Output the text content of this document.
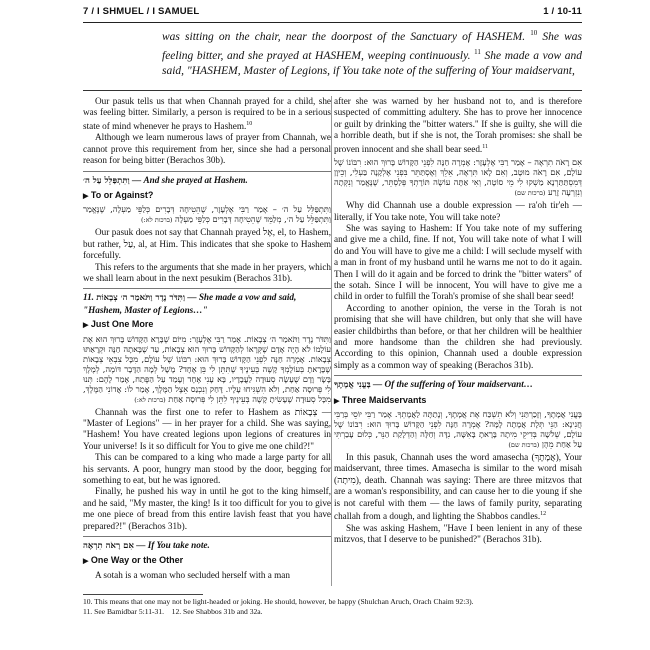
7 / I SHMUEL / I SAMUEL	1 / 10-11
was sitting on the chair, near the doorpost of the Sanctuary of HASHEM. $^{10}$ She was feeling bitter, and she prayed at HASHEM, weeping continuously. $^{11}$ She made a vow and said, "HASHEM, Master of Legions, if You take note of the suffering of Your maidservant,

Our pasuk tells us that when Channah prayed for a child, she was feeling bitter. Similarly, a person is required to be in a serious state of mind whenever he prays to Hashem.$^{10}$

Although we learn numerous laws of prayer from Channah, we cannot prove this requirement from her, since she had a personal reason for being bitter (Berachos 30b).

וַתִּתְפַּלֵּל עַל ה׳ — And she prayed at Hashem.
▶ To or Against?

וַתִּתְפַּלֵּל עַל ה׳ – אָמַר רַבִּי אֶלְעָזָר, שֶׁהֵטִיחָה דְּבָרִים כְּלַפֵּי מַעְלָה, שֶׁנֶּאֱמַר וַתִּתְפַּלֵּל עַל ה׳, מְלַמֵּד שֶׁהֵטִיחָה דְּבָרִים כְּלַפֵּי מַעְלָה (ברכות לא:)

Our pasuk does not say that Channah prayed אֶל, el, to Hashem, but rather, עַל, al, at Him. This indicates that she spoke to Hashem forcefully.

This refers to the arguments that she made in her prayers, which we shall learn about in the next pesukim (Berachos 31b).

11. וַתִּדֹּר נֶדֶר וַתֹּאמַר ה׳ צְבָאוֹת — She made a vow and said, "Hashem, Master of Legions…"
▶ Just One More

וַתִּדֹּר נֶדֶר וַתֹּאמַר ה׳ צְבָאוֹת. אָמַר רַבִּי אֶלְעָזָר: מִיּוֹם שֶׁבָּרָא הַקָּדוֹשׁ בָּרוּךְ הוּא אֶת עוֹלָמוֹ לֹא הָיָה אָדָם שֶׁקְּרָאוֹ לְהַקָּדוֹשׁ בָּרוּךְ הוּא צְבָאוֹת, עַד שֶׁבָּאתָה חַנָּה וּקְרָאַתּוּ צְבָאוֹת. אָמְרָה חַנָּה לִפְנֵי הַקָּדוֹשׁ בָּרוּךְ הוּא: רִבּוֹנוֹ שֶׁל עוֹלָם, מִכָּל צִבְאֵי צְבָאוֹת שֶׁבָּרָאתָ בְּעוֹלָמְךָ קָשֶׁה בְּעֵינֶיךָ שֶׁתִּתֵּן לִי בֵּן אֶחָד? מָשָׁל לְמָה הַדָּבָר דּוֹמֶה, לְמֶלֶךְ בָּשָׂר וָדָם שֶׁעָשָׂה סְעוּדָה לַעֲבָדָיו, בָּא עָנִי אֶחָד וְעָמַד עַל הַפֶּתַח, אָמַר לָהֶם: תְּנוּ לִי פְּרוּסָה אַחַת, וְלֹא הִשְׁגִּיחוּ עָלָיו. דָּחַק וְנִכְנַס אֵצֶל הַמֶּלֶךְ, אָמַר לוֹ: אֲדוֹנִי הַמֶּלֶךְ, מִכָּל סְעוּדָה שֶׁעָשִׂיתָ קָשֶׁה בְּעֵינֶיךָ לִתֵּן לִי פְּרוּסָה אַחַת (ברכות לא:)

Channah was the first one to refer to Hashem as צְבָאוֹת — "Master of Legions" — in her prayer for a child. She was saying, "Hashem! You have created legions upon legions of creatures in Your universe! Is it so difficult for You to give me one child?!"

This can be compared to a king who made a large party for all his servants. A poor, hungry man stood by the door, begging for something to eat, but he was ignored.

Finally, he pushed his way in until he got to the king himself, and he said, "My master, the king! Is it too difficult for you to give me one piece of bread from this entire lavish feast that you have prepared?!" (Berachos 31b).

אִם רָאֹה תִרְאֶה — If You take note.
▶ One Way or the Other

A sotah is a woman who secluded herself with a man

after she was warned by her husband not to, and is therefore suspected of committing adultery. She has to prove her innocence or guilt by drinking the "bitter waters." If she is guilty, she will die a horrible death, but if she is not, the Torah promises: she shall be proven innocent and she shall bear seed.$^{11}$

אִם רָאֹה תִרְאֶה – אָמַר רַבִּי אֶלְעָזָר: אָמְרָה חַנָּה לִפְנֵי הַקָּדוֹשׁ בָּרוּךְ הוּא: רִבּוֹנוֹ שֶׁל עוֹלָם, אִם רָאֹה מוּטָב, וְאִם לָאו תִּרְאֶה, אֵלֵךְ וְאֶסְתַּתֵּר בִּפְנֵי אֶלְקָנָה בַּעְלִי, וְכֵיוָן דְּמִסְתַּתַּרְנָא מַשְׁקוּ לִי מֵי סוֹטָה, וְאִי אַתָּה עוֹשֶׂה תּוֹרָתְךָ פְּלַסְתֵּר, שֶׁנֶּאֱמַר וְנִקְּתָה וְנִזְרְעָה זָרַע (ברכות שם)

Why did Channah use a double expression — ra'oh tir'eh — literally, if You take note, You will take note?

She was saying to Hashem: If You take note of my suffering and give me a child, fine. If not, You will take note of what I will do and You will have to give me a child: I will seclude myself with a man in front of my husband until he warns me not to do it again. Then I will do it again and be forced to drink the "bitter waters" of the sotah. Since I will be innocent, You will have to give me a child in order to fulfill the Torah's promise of she shall bear seed!

According to another opinion, the verse in the Torah is not promising that she will have children, but only that she will have easier childbirths than before, or that her children will be healthier and more handsome than the children she had previously. According to this opinion, Channah used a double expression simply as a common way of speaking (Berachos 31b).

בָּעֳנִי אֲמָתֶךָ — Of the suffering of Your maidservant…
▶ Three Maidservants

בָּעֳנִי אֲמָתֶךָ, וְזָכַרְתַּנִי וְלֹא תִשְׁכַּח אֶת אֲמָתֶךָ, וְנָתַתָּה לַאֲמָתְךָ. אָמַר רַבִּי יוֹסֵי בְּרַבִּי חֲנִינָא: הַנֵּי תְּלָת אֲמָתָה לָמָּה? אָמְרָה חַנָּה לִפְנֵי הַקָּדוֹשׁ בָּרוּךְ הוּא: רִבּוֹנוֹ שֶׁל עוֹלָם, שְׁלֹשָׁה בְּדִיקֵי מִיתָה בָּרָאתָ בָּאִשָּׁה, נִדָּה וְחַלָּה וְהַדְלָקַת הַנֵּר, כְּלוּם עָבַרְתִּי עַל אַחַת מֵהֶן (ברכות שם)

In this pasuk, Channah uses the word amasecha (אֲמָתֶךָ), Your maidservant, three times. Amasecha is similar to the word misah (מִיתָה), death. Channah was saying: There are three mitzvos that are a woman's responsibility, and can cause her to die young if she is not careful with them — the laws of family purity, separating challah from a dough, and lighting the Shabbos candles.$^{12}$

She was asking Hashem, "Have I been lenient in any of these mitzvos, that I deserve to be punished?" (Berachos 31b).

10. This means that one may not be light-headed or joking. He should, however, be happy (Shulchan Aruch, Orach Chaim 92:3).

11. See Bamidbar 5:11-31. 12. See Shabbos 31b and 32a.
